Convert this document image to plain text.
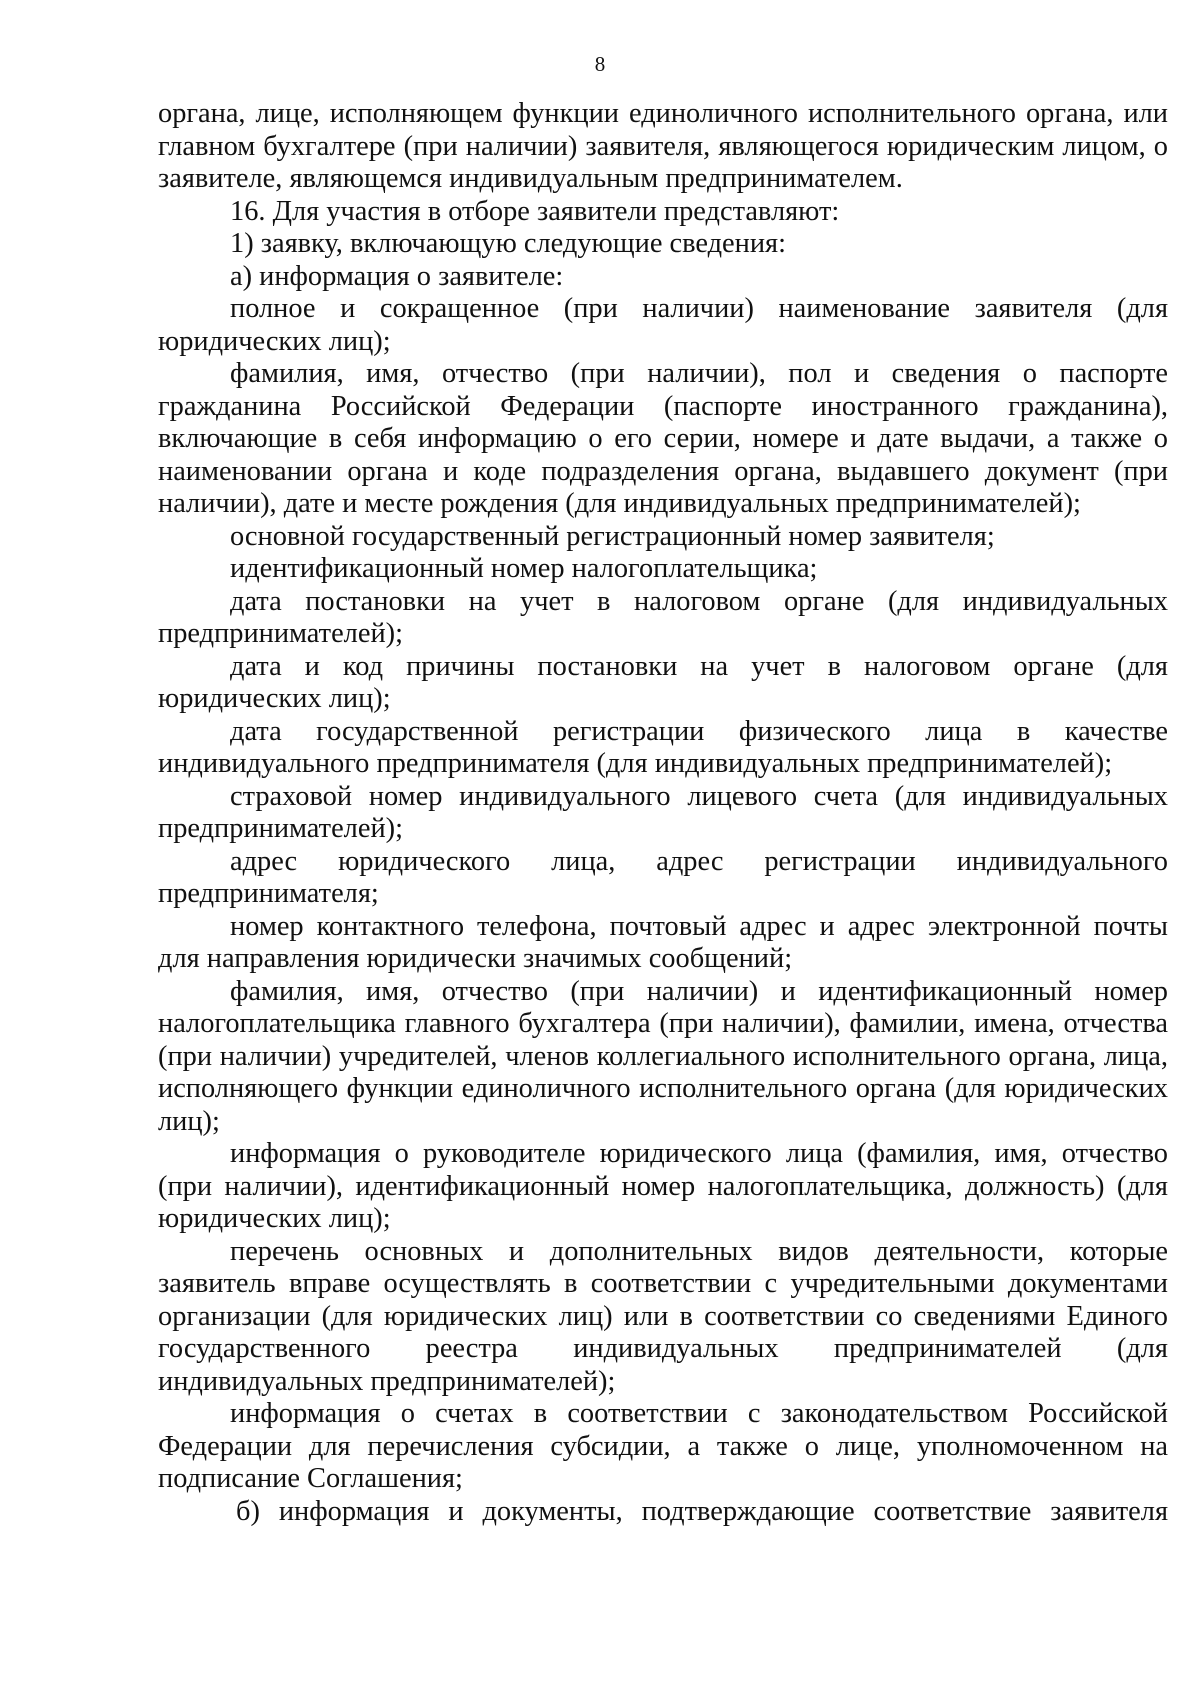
8

органа, лице, исполняющем функции единоличного исполнительного органа, или главном бухгалтере (при наличии) заявителя, являющегося юридическим лицом, о заявителе, являющемся индивидуальным предпринимателем.

16. Для участия в отборе заявители представляют:

1) заявку, включающую следующие сведения:

а) информация о заявителе:

полное и сокращенное (при наличии) наименование заявителя (для юридических лиц);

фамилия, имя, отчество (при наличии), пол и сведения о паспорте гражданина Российской Федерации (паспорте иностранного гражданина), включающие в себя информацию о его серии, номере и дате выдачи, а также о наименовании органа и коде подразделения органа, выдавшего документ (при наличии), дате и месте рождения (для индивидуальных предпринимателей);

основной государственный регистрационный номер заявителя;

идентификационный номер налогоплательщика;

дата постановки на учет в налоговом органе (для индивидуальных предпринимателей);

дата и код причины постановки на учет в налоговом органе (для юридических лиц);

дата государственной регистрации физического лица в качестве индивидуального предпринимателя (для индивидуальных предпринимателей);

страховой номер индивидуального лицевого счета (для индивидуальных предпринимателей);

адрес юридического лица, адрес регистрации индивидуального предпринимателя;

номер контактного телефона, почтовый адрес и адрес электронной почты для направления юридически значимых сообщений;

фамилия, имя, отчество (при наличии) и идентификационный номер налогоплательщика главного бухгалтера (при наличии), фамилии, имена, отчества (при наличии) учредителей, членов коллегиального исполнительного органа, лица, исполняющего функции единоличного исполнительного органа (для юридических лиц);

информация о руководителе юридического лица (фамилия, имя, отчество (при наличии), идентификационный номер налогоплательщика, должность) (для юридических лиц);

перечень основных и дополнительных видов деятельности, которые заявитель вправе осуществлять в соответствии с учредительными документами организации (для юридических лиц) или в соответствии со сведениями Единого государственного реестра индивидуальных предпринимателей (для индивидуальных предпринимателей);

информация о счетах в соответствии с законодательством Российской Федерации для перечисления субсидии, а также о лице, уполномоченном на подписание Соглашения;

б) информация и документы, подтверждающие соответствие заявителя
